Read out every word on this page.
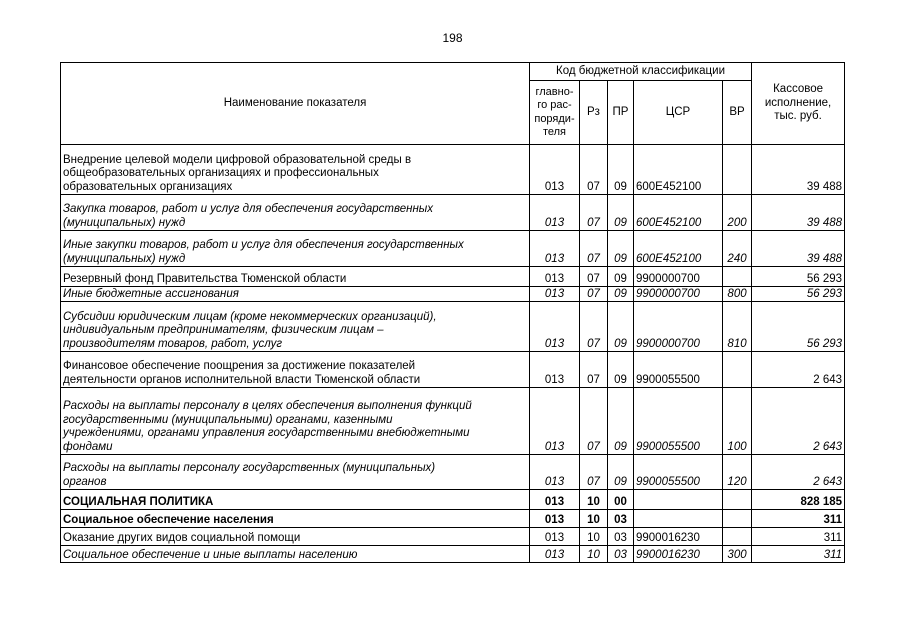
198
Наименование показателя	Код бюджетной классификации					Кассовое
исполнение,
тыс. руб.
	главно-
го рас-
поряди-
теля	Рз	ПР	ЦСР	ВР	
Внедрение целевой модели цифровой образовательной среды в
общеобразовательных организациях и профессиональных
образовательных организациях	013	07	09	600E452100		39 488
Закупка товаров, работ и услуг для обеспечения государственных
(муниципальных) нужд	013	07	09	600E452100	200	39 488
Иные закупки товаров, работ и услуг для обеспечения государственных
(муниципальных) нужд	013	07	09	600E452100	240	39 488
Резервный фонд Правительства Тюменской области	013	07	09	9900000700		56 293
Иные бюджетные ассигнования	013	07	09	9900000700	800	56 293
Субсидии юридическим лицам (кроме некоммерческих организаций),
индивидуальным предпринимателям, физическим лицам –
производителям товаров, работ, услуг	013	07	09	9900000700	810	56 293
Финансовое обеспечение поощрения за достижение показателей
деятельности органов исполнительной власти Тюменской области	013	07	09	9900055500		2 643
Расходы на выплаты персоналу в целях обеспечения выполнения функций
государственными (муниципальными) органами, казенными
учреждениями, органами управления государственными внебюджетными
фондами	013	07	09	9900055500	100	2 643
Расходы на выплаты персоналу государственных (муниципальных)
органов	013	07	09	9900055500	120	2 643
СОЦИАЛЬНАЯ ПОЛИТИКА	013	10	00			828 185
Социальное обеспечение населения	013	10	03			311
Оказание других видов социальной помощи	013	10	03	9900016230		311
Социальное обеспечение и иные выплаты населению	013	10	03	9900016230	300	311
